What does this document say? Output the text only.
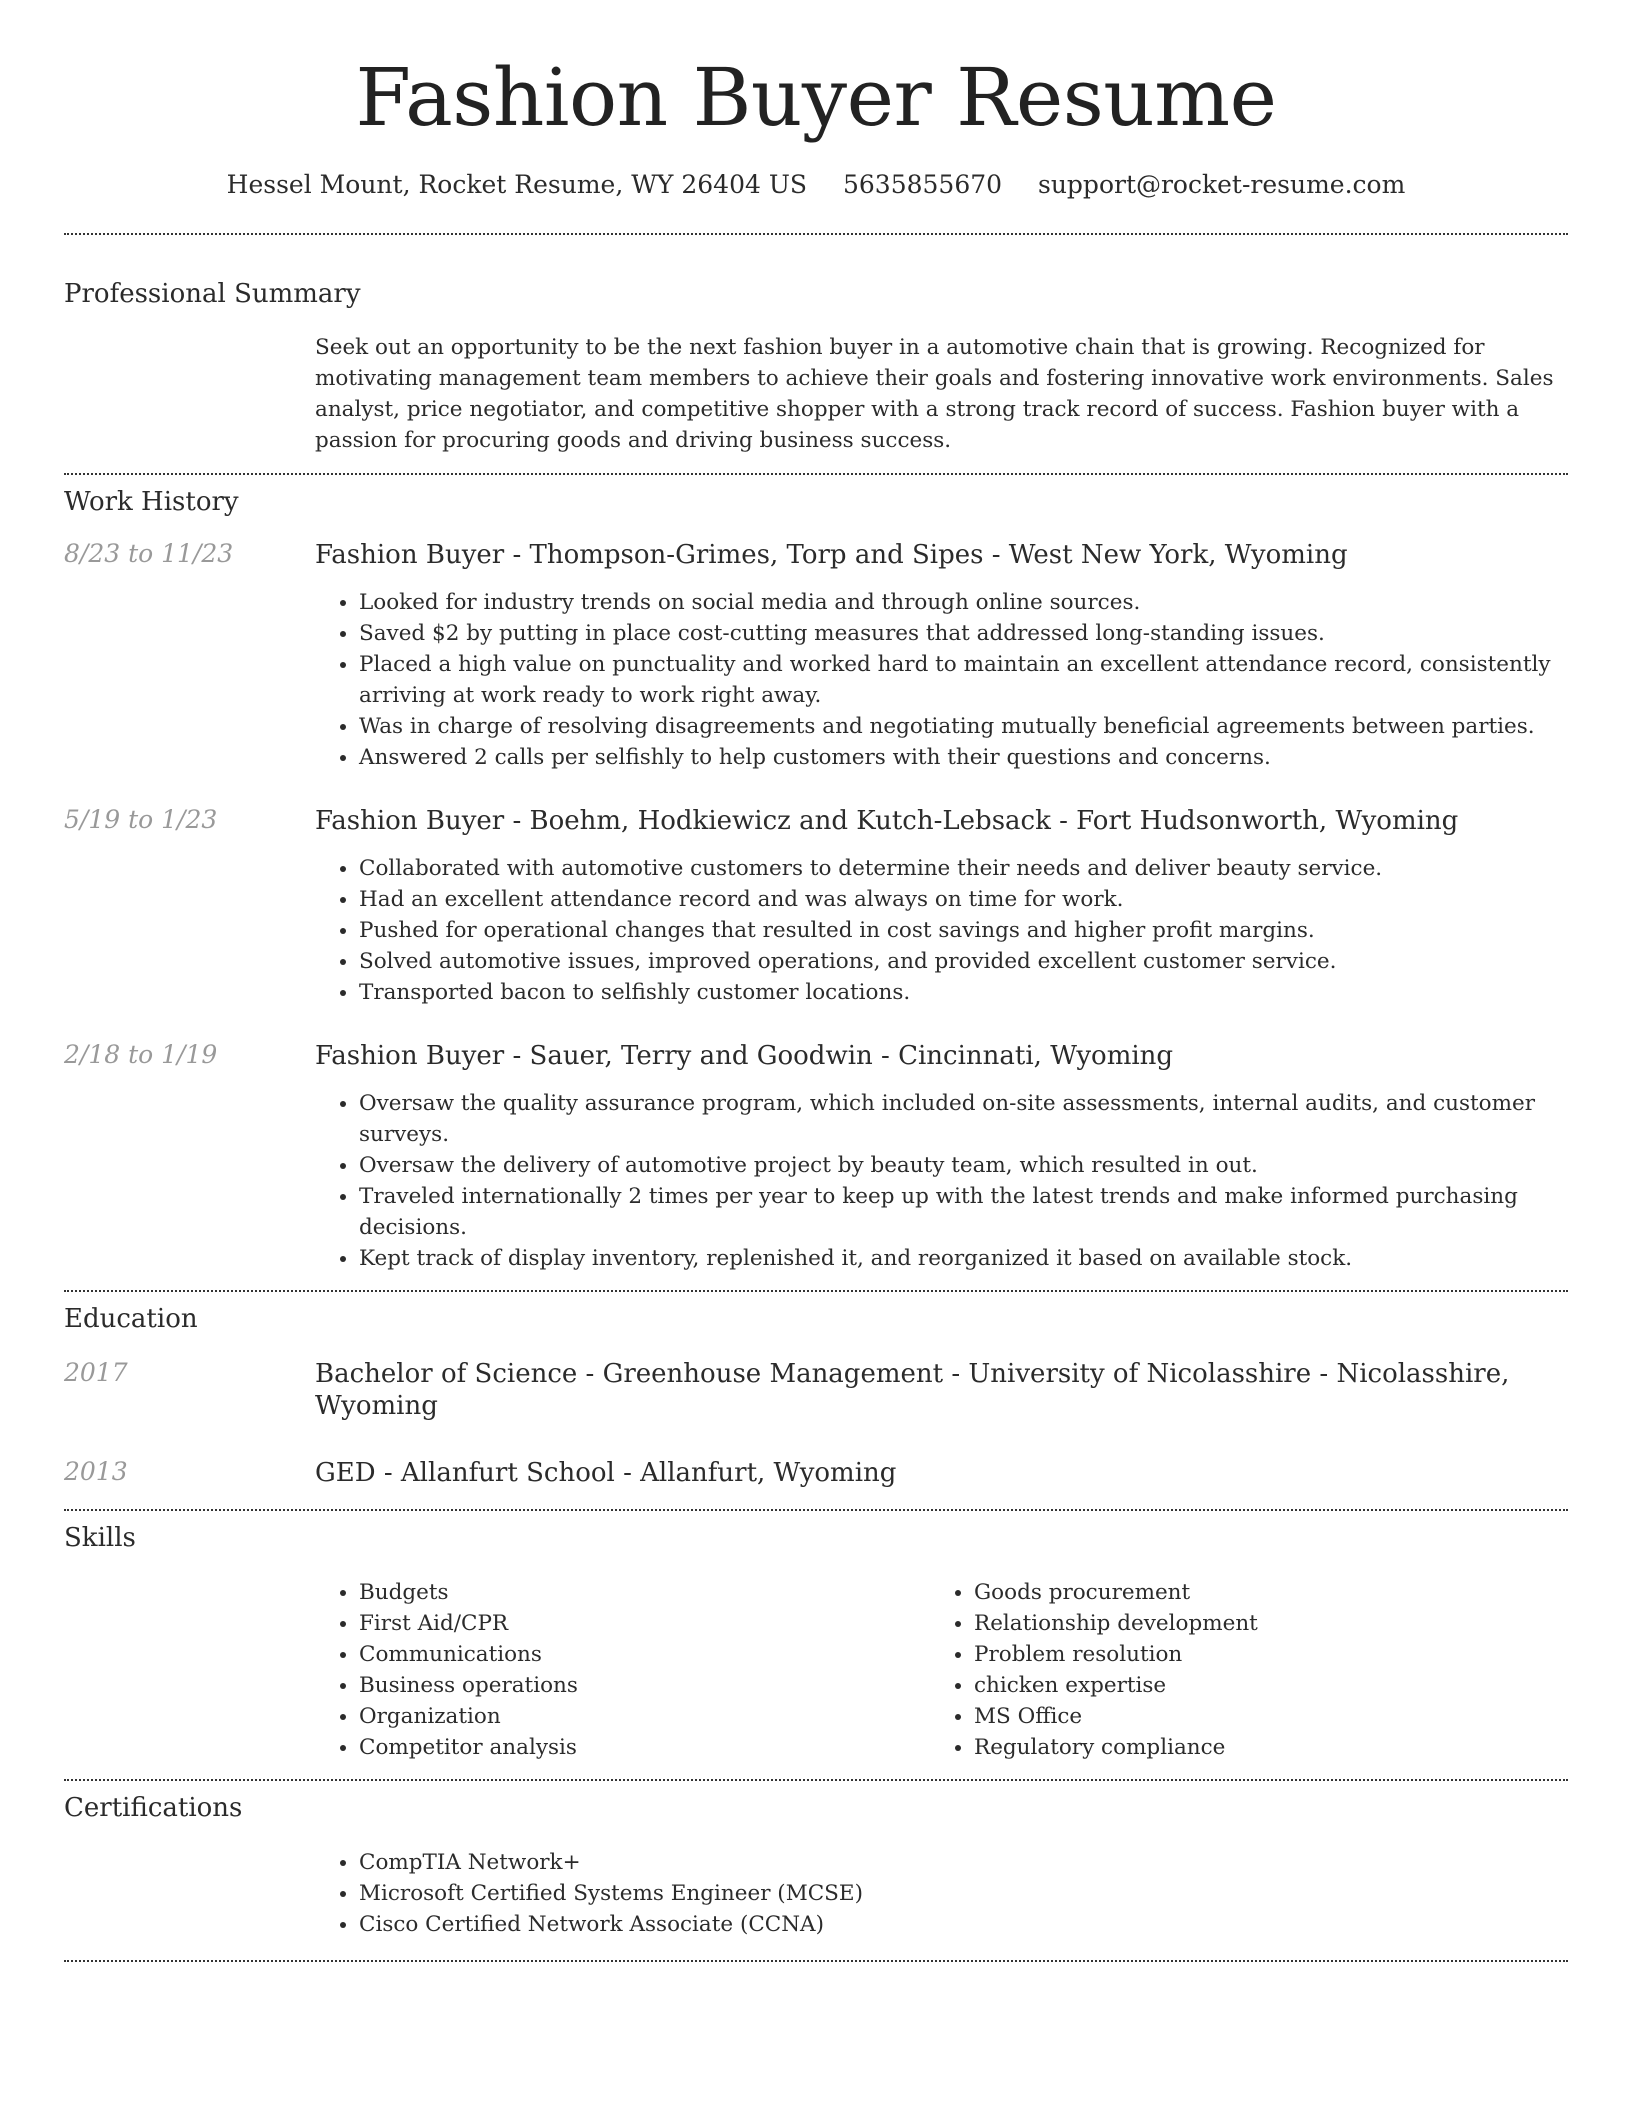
Fashion Buyer Resume
Hessel Mount, Rocket Resume, WY 26404 US 5635855670 support@rocket-resume.com
Professional Summary
Seek out an opportunity to be the next fashion buyer in a automotive chain that is growing. Recognized for motivating management team members to achieve their goals and fostering innovative work environments. Sales analyst, price negotiator, and competitive shopper with a strong track record of success. Fashion buyer with a passion for procuring goods and driving business success.
Work History
8/23 to 11/23	Fashion Buyer - Thompson-Grimes, Torp and Sipes - West New York, Wyoming
• Looked for industry trends on social media and through online sources.
• Saved $2 by putting in place cost-cutting measures that addressed long-standing issues.
• Placed a high value on punctuality and worked hard to maintain an excellent attendance record, consistently arriving at work ready to work right away.
• Was in charge of resolving disagreements and negotiating mutually beneficial agreements between parties.
• Answered 2 calls per selfishly to help customers with their questions and concerns.
5/19 to 1/23	Fashion Buyer - Boehm, Hodkiewicz and Kutch-Lebsack - Fort Hudsonworth, Wyoming
• Collaborated with automotive customers to determine their needs and deliver beauty service.
• Had an excellent attendance record and was always on time for work.
• Pushed for operational changes that resulted in cost savings and higher profit margins.
• Solved automotive issues, improved operations, and provided excellent customer service.
• Transported bacon to selfishly customer locations.
2/18 to 1/19	Fashion Buyer - Sauer, Terry and Goodwin - Cincinnati, Wyoming
• Oversaw the quality assurance program, which included on-site assessments, internal audits, and customer surveys.
• Oversaw the delivery of automotive project by beauty team, which resulted in out.
• Traveled internationally 2 times per year to keep up with the latest trends and make informed purchasing decisions.
• Kept track of display inventory, replenished it, and reorganized it based on available stock.
Education
2017	Bachelor of Science - Greenhouse Management - University of Nicolasshire - Nicolasshire, Wyoming
2013	GED - Allanfurt School - Allanfurt, Wyoming
Skills
• Budgets
• First Aid/CPR
• Communications
• Business operations
• Organization
• Competitor analysis
• Goods procurement
• Relationship development
• Problem resolution
• chicken expertise
• MS Office
• Regulatory compliance
Certifications
• CompTIA Network+
• Microsoft Certified Systems Engineer (MCSE)
• Cisco Certified Network Associate (CCNA)
